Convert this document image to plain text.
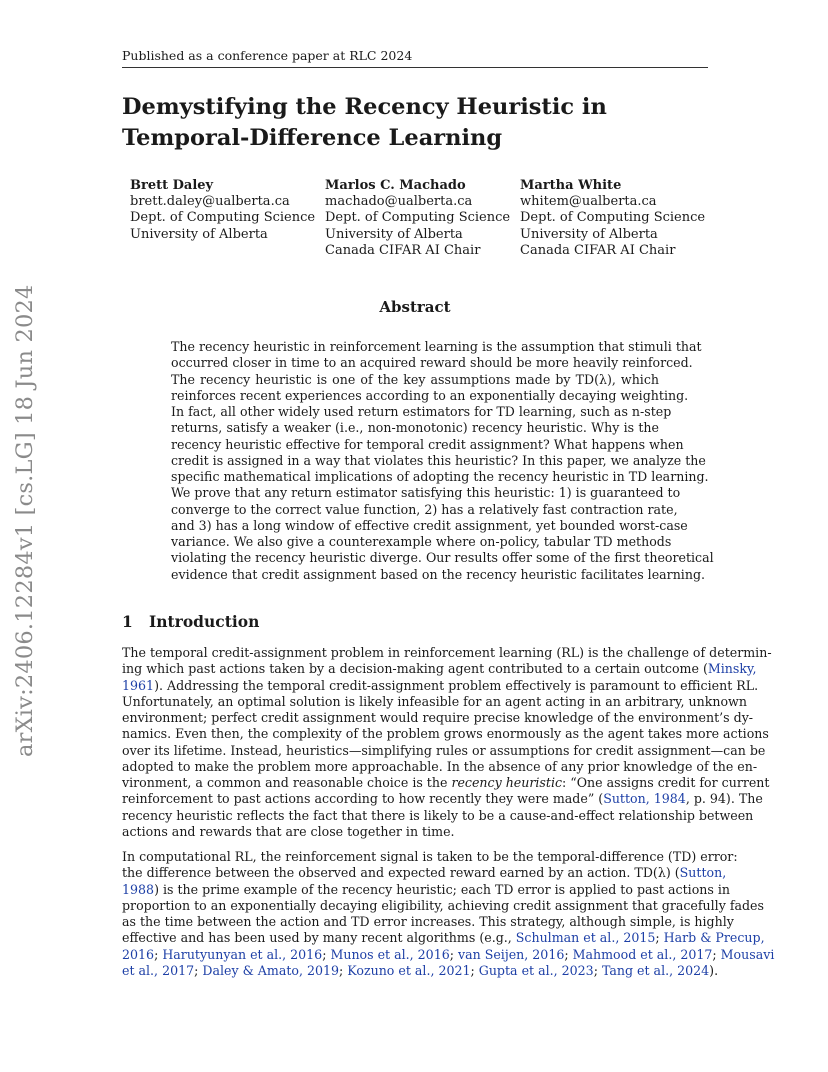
Published as a conference paper at RLC 2024
Demystifying the Recency Heuristic in
Temporal-Difference Learning
Brett Daley
brett.daley@ualberta.ca
Dept. of Computing Science
University of Alberta
Marlos C. Machado
machado@ualberta.ca
Dept. of Computing Science
University of Alberta
Canada CIFAR AI Chair
Martha White
whitem@ualberta.ca
Dept. of Computing Science
University of Alberta
Canada CIFAR AI Chair
arXiv:2406.12284v1 [cs.LG] 18 Jun 2024	Abstract
The recency heuristic in reinforcement learning is the assumption that stimuli that
occurred closer in time to an acquired reward should be more heavily reinforced.
The recency heuristic is one of the key assumptions made by TD(λ), which
reinforces recent experiences according to an exponentially decaying weighting.
In fact, all other widely used return estimators for TD learning, such as n-step
returns, satisfy a weaker (i.e., non-monotonic) recency heuristic. Why is the
recency heuristic effective for temporal credit assignment? What happens when
credit is assigned in a way that violates this heuristic? In this paper, we analyze the
specific mathematical implications of adopting the recency heuristic in TD learning.
We prove that any return estimator satisfying this heuristic: 1) is guaranteed to
converge to the correct value function, 2) has a relatively fast contraction rate,
and 3) has a long window of effective credit assignment, yet bounded worst-case
variance. We also give a counterexample where on-policy, tabular TD methods
violating the recency heuristic diverge. Our results offer some of the first theoretical
evidence that credit assignment based on the recency heuristic facilitates learning.
1 Introduction
The temporal credit-assignment problem in reinforcement learning (RL) is the challenge of determin-
ing which past actions taken by a decision-making agent contributed to a certain outcome (Minsky,
1961). Addressing the temporal credit-assignment problem effectively is paramount to efficient RL.
Unfortunately, an optimal solution is likely infeasible for an agent acting in an arbitrary, unknown
environment; perfect credit assignment would require precise knowledge of the environment’s dy-
namics. Even then, the complexity of the problem grows enormously as the agent takes more actions
over its lifetime. Instead, heuristics—simplifying rules or assumptions for credit assignment—can be
adopted to make the problem more approachable. In the absence of any prior knowledge of the en-
vironment, a common and reasonable choice is the recency heuristic: “One assigns credit for current
reinforcement to past actions according to how recently they were made” (Sutton, 1984, p. 94). The
recency heuristic reflects the fact that there is likely to be a cause-and-effect relationship between
actions and rewards that are close together in time.
In computational RL, the reinforcement signal is taken to be the temporal-difference (TD) error:
the difference between the observed and expected reward earned by an action. TD(λ) (Sutton,
1988) is the prime example of the recency heuristic; each TD error is applied to past actions in
proportion to an exponentially decaying eligibility, achieving credit assignment that gracefully fades
as the time between the action and TD error increases. This strategy, although simple, is highly
effective and has been used by many recent algorithms (e.g., Schulman et al., 2015; Harb & Precup,
2016; Harutyunyan et al., 2016; Munos et al., 2016; van Seijen, 2016; Mahmood et al., 2017; Mousavi
et al., 2017; Daley & Amato, 2019; Kozuno et al., 2021; Gupta et al., 2023; Tang et al., 2024).
